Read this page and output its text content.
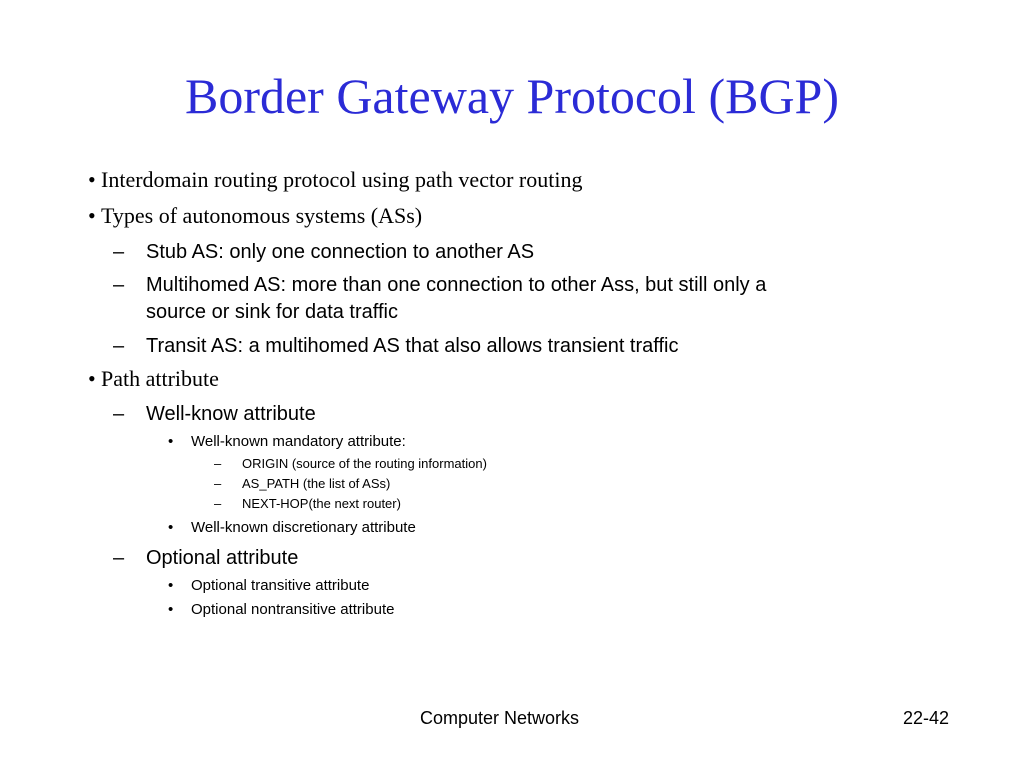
Border Gateway Protocol (BGP)
• Interdomain routing protocol using path vector routing
• Types of autonomous systems (ASs)
– Stub AS: only one connection to another AS
– Multihomed AS: more than one connection to other Ass, but still only a
source or sink for data traffic
– Transit AS: a multihomed AS that also allows transient traffic
• Path attribute
– Well-know attribute
• Well-known mandatory attribute:
– ORIGIN (source of the routing information)
– AS_PATH (the list of ASs)
– NEXT-HOP(the next router)
• Well-known discretionary attribute
– Optional attribute
• Optional transitive attribute
• Optional nontransitive attribute
Computer Networks	22-42
